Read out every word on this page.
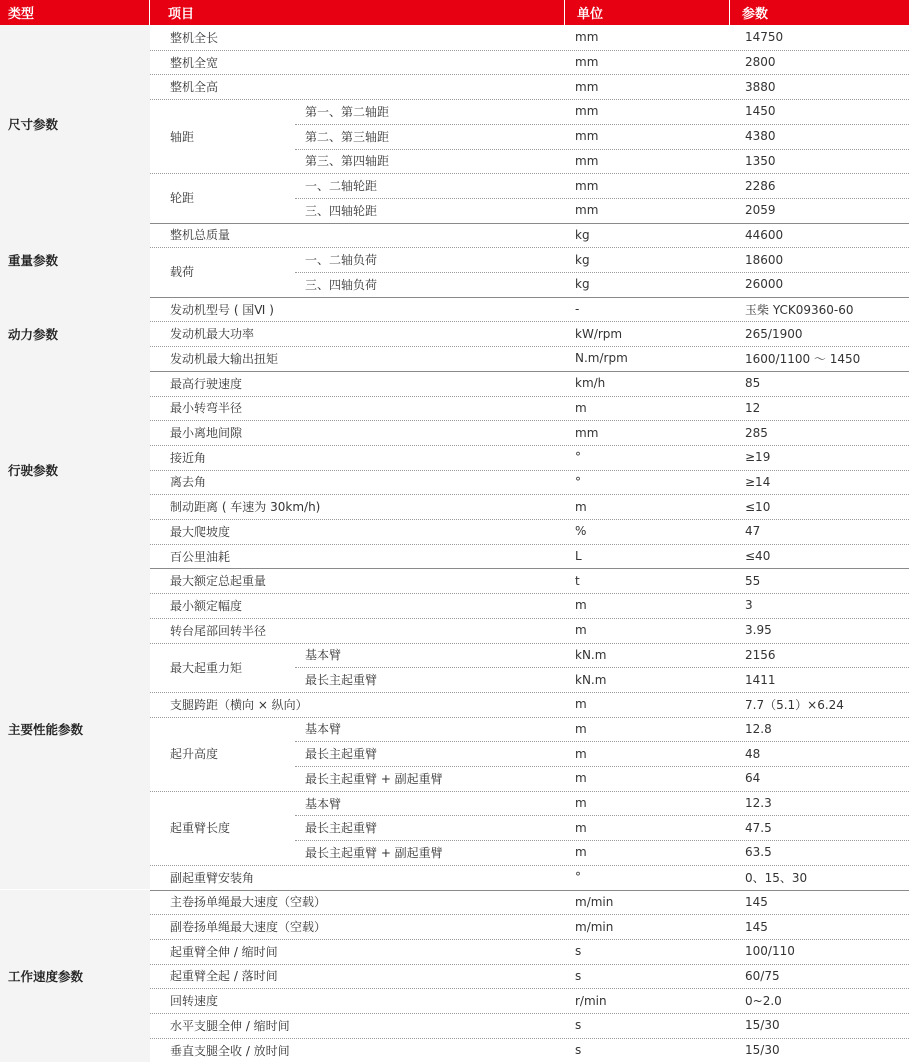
类型	项目	单位	参数
尺寸参数
整机全长	mm	14750
整机全宽	mm	2800
整机全高	mm	3880
轴距
第一、第二轴距	mm	1450
第二、第三轴距	mm	4380
第三、第四轴距	mm	1350
轮距
一、二轴轮距	mm	2286
三、四轴轮距	mm	2059
重量参数
整机总质量	kg	44600
载荷
一、二轴负荷	kg	18600
三、四轴负荷	kg	26000
动力参数
发动机型号 ( 国Ⅵ )	-	玉柴 YCK09360-60
发动机最大功率	kW/rpm	265/1900
发动机最大输出扭矩	N.m/rpm	1600/1100 ～ 1450
行驶参数
最高行驶速度	km/h	85
最小转弯半径	m	12
最小离地间隙	mm	285
接近角	°	≥19
离去角	°	≥14
制动距离 ( 车速为 30km/h)	m	≤10
最大爬坡度	%	47
百公里油耗	L	≤40
主要性能参数
最大额定总起重量	t	55
最小额定幅度	m	3
转台尾部回转半径	m	3.95
最大起重力矩
基本臂	kN.m	2156
最长主起重臂	kN.m	1411
支腿跨距（横向 × 纵向）	m	7.7（5.1）×6.24
起升高度
基本臂	m	12.8
最长主起重臂	m	48
最长主起重臂 + 副起重臂	m	64
起重臂长度
基本臂	m	12.3
最长主起重臂	m	47.5
最长主起重臂 + 副起重臂	m	63.5
副起重臂安装角	°	0、15、30
工作速度参数
主卷扬单绳最大速度（空载）	m/min	145
副卷扬单绳最大速度（空载）	m/min	145
起重臂全伸 / 缩时间	s	100/110
起重臂全起 / 落时间	s	60/75
回转速度	r/min	0~2.0
水平支腿全伸 / 缩时间	s	15/30
垂直支腿全收 / 放时间	s	15/30
